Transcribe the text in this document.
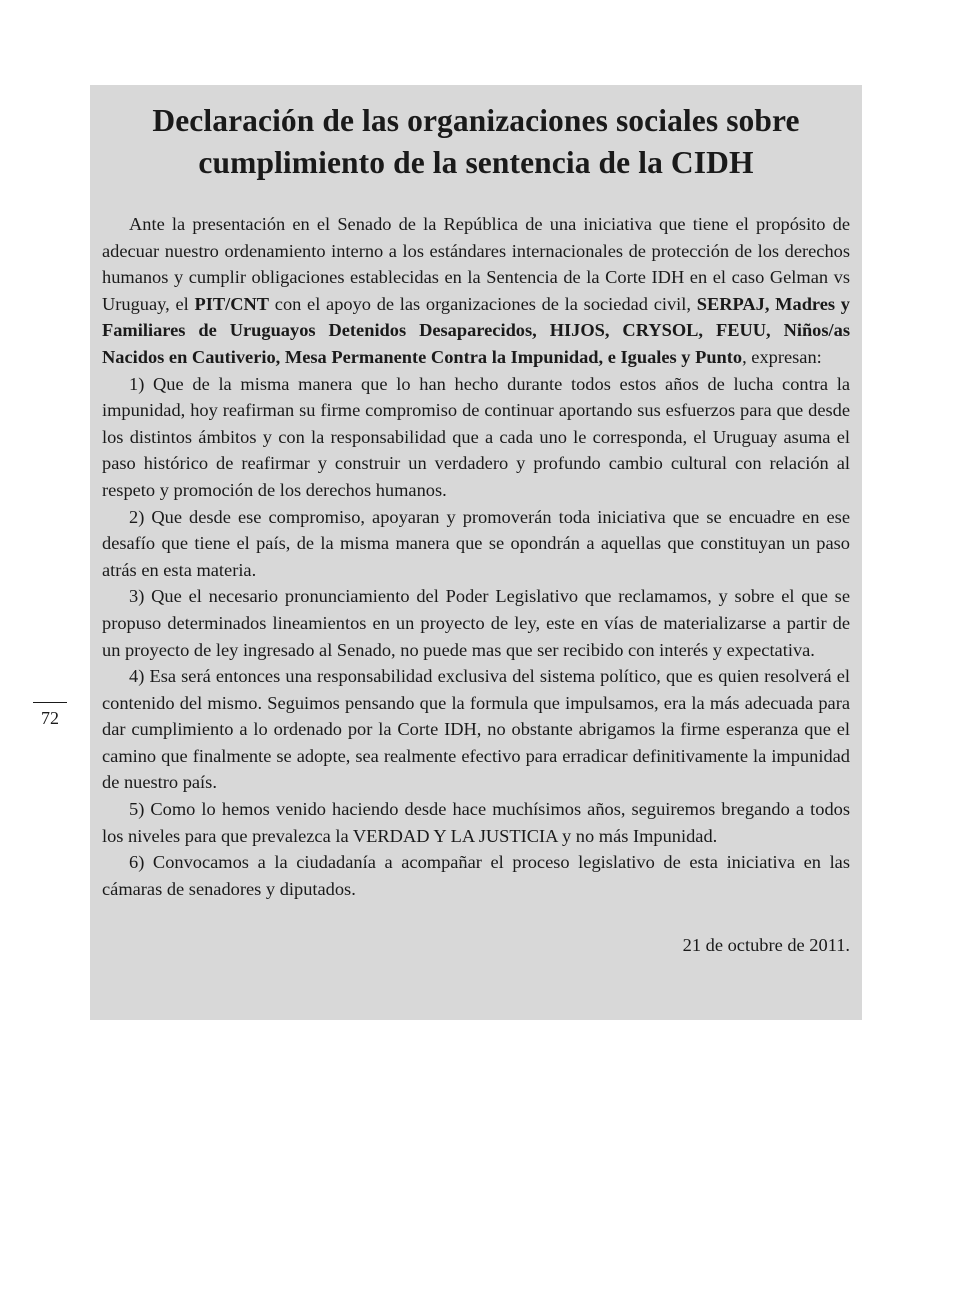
Declaración de las organizaciones sociales sobre
cumplimiento de la sentencia de la CIDH

Ante la presentación en el Senado de la República de una iniciativa que tiene el propósito de adecuar nuestro ordenamiento interno a los estándares internacionales de protección de los derechos humanos y cumplir obligaciones establecidas en la Sentencia de la Corte IDH en el caso Gelman vs Uruguay, el PIT/CNT con el apoyo de las organizaciones de la sociedad civil, SERPAJ, Madres y Familiares de Uruguayos Detenidos Desaparecidos, HIJOS, CRYSOL, FEUU, Niños/as Nacidos en Cautiverio, Mesa Permanente Contra la Impunidad, e Iguales y Punto, expresan:

1) Que de la misma manera que lo han hecho durante todos estos años de lucha contra la impunidad, hoy reafirman su firme compromiso de continuar aportando sus esfuerzos para que desde los distintos ámbitos y con la responsabilidad que a cada uno le corresponda, el Uruguay asuma el paso histórico de reafirmar y construir un verdadero y profundo cambio cultural con relación al respeto y promoción de los derechos humanos.

2) Que desde ese compromiso, apoyaran y promoverán toda iniciativa que se encuadre en ese desafío que tiene el país, de la misma manera que se opondrán a aquellas que constituyan un paso atrás en esta materia.

3) Que el necesario pronunciamiento del Poder Legislativo que reclamamos, y sobre el que se propuso determinados lineamientos en un proyecto de ley, este en vías de materializarse a partir de un proyecto de ley ingresado al Senado, no puede mas que ser recibido con interés y expectativa.

4) Esa será entonces una responsabilidad exclusiva del sistema político, que es quien resolverá el contenido del mismo. Seguimos pensando que la formula que impulsamos, era la más adecuada para dar cumplimiento a lo ordenado por la Corte IDH, no obstante abrigamos la firme esperanza que el camino que finalmente se adopte, sea realmente efectivo para erradicar definitivamente la impunidad de nuestro país.

5) Como lo hemos venido haciendo desde hace muchísimos años, seguiremos bregando a todos los niveles para que prevalezca la VERDAD Y LA JUSTICIA y no más Impunidad.

6) Convocamos a la ciudadanía a acompañar el proceso legislativo de esta iniciativa en las cámaras de senadores y diputados.

21 de octubre de 2011.
72
